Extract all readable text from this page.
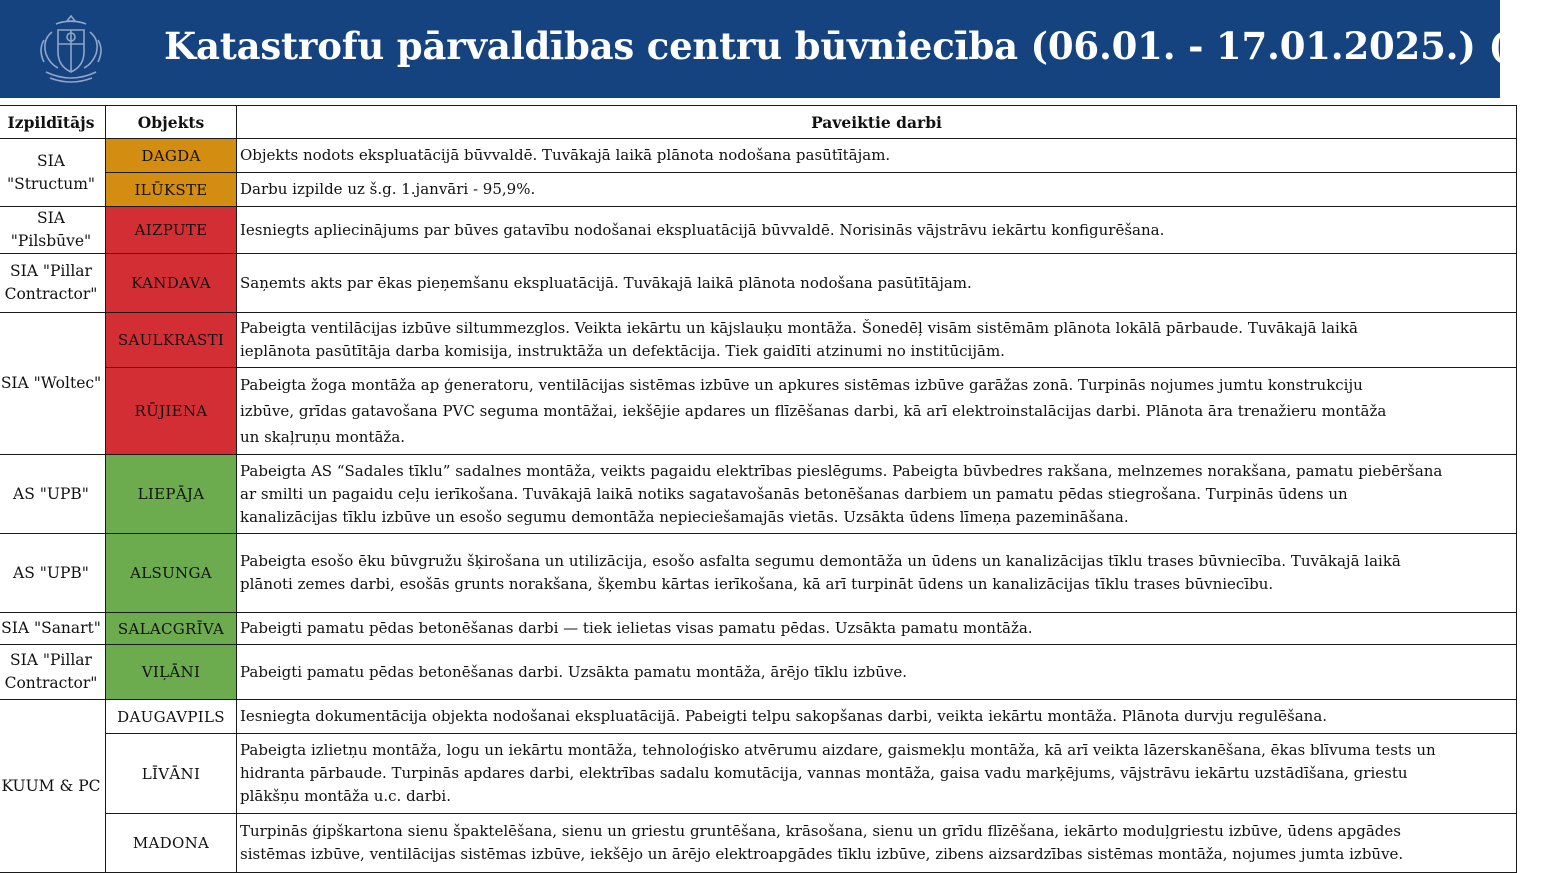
Katastrofu pārvaldības centru būvniecība (06.01. - 17.01.2025.) (1)
Izpildītājs	Objekts	Paveiktie darbi

SIA
"Structum"	DAGDA	Objekts nodots ekspluatācijā būvvaldē. Tuvākajā laikā plānota nodošana pasūtītājam.

	ILŪKSTE	Darbu izpilde uz š.g. 1.janvāri - 95,9%.

SIA "Pilsbūve"	AIZPUTE	Iesniegts apliecinājums par būves gatavību nodošanai ekspluatācijā būvvaldē. Norisinās vājstrāvu iekārtu konfigurēšana.

SIA "Pillar
Contractor"	KANDAVA	Saņemts akts par ēkas pieņemšanu ekspluatācijā. Tuvākajā laikā plānota nodošana pasūtītājam.

SIA "Woltec"	SAULKRASTI	Pabeigta ventilācijas izbūve siltummezglos. Veikta iekārtu un kājslauķu montāža. Šonedēļ visām sistēmām plānota lokālā pārbaude. Tuvākajā laikā
ieplānota pasūtītāja darba komisija, instruktāža un defektācija. Tiek gaidīti atzinumi no institūcijām.

	RŪJIENA	Pabeigta žoga montāža ap ģeneratoru, ventilācijas sistēmas izbūve un apkures sistēmas izbūve garāžas zonā. Turpinās nojumes jumtu konstrukciju
izbūve, grīdas gatavošana PVC seguma montāžai, iekšējie apdares un flīzēšanas darbi, kā arī elektroinstalācijas darbi. Plānota āra trenažieru montāža
un skaļruņu montāža.

AS "UPB"	LIEPĀJA	Pabeigta AS “Sadales tīklu” sadalnes montāža, veikts pagaidu elektrības pieslēgums. Pabeigta būvbedres rakšana, melnzemes norakšana, pamatu piebēršana
ar smilti un pagaidu ceļu ierīkošana. Tuvākajā laikā notiks sagatavošanās betonēšanas darbiem un pamatu pēdas stiegrošana. Turpinās ūdens un
kanalizācijas tīklu izbūve un esošo segumu demontāža nepieciešamajās vietās. Uzsākta ūdens līmeņa pazemināšana.

AS "UPB"	ALSUNGA	Pabeigta esošo ēku būvgružu šķirošana un utilizācija, esošo asfalta segumu demontāža un ūdens un kanalizācijas tīklu trases būvniecība. Tuvākajā laikā
plānoti zemes darbi, esošās grunts norakšana, šķembu kārtas ierīkošana, kā arī turpināt ūdens un kanalizācijas tīklu trases būvniecību.

SIA "Sanart"	SALACGRĪVA	Pabeigti pamatu pēdas betonēšanas darbi — tiek ielietas visas pamatu pēdas. Uzsākta pamatu montāža.

SIA "Pillar
Contractor"	VIĻĀNI	Pabeigti pamatu pēdas betonēšanas darbi. Uzsākta pamatu montāža, ārējo tīklu izbūve.

KUUM & PC	DAUGAVPILS	Iesniegta dokumentācija objekta nodošanai ekspluatācijā. Pabeigti telpu sakopšanas darbi, veikta iekārtu montāža. Plānota durvju regulēšana.

	LĪVĀNI	Pabeigta izlietņu montāža, logu un iekārtu montāža, tehnoloģisko atvērumu aizdare, gaismekļu montāža, kā arī veikta lāzerskanēšana, ēkas blīvuma tests un
hidranta pārbaude. Turpinās apdares darbi, elektrības sadalu komutācija, vannas montāža, gaisa vadu marķējums, vājstrāvu iekārtu uzstādīšana, griestu
plākšņu montāža u.c. darbi.

	MADONA	Turpinās ģipškartona sienu špaktelēšana, sienu un griestu gruntēšana, krāsošana, sienu un grīdu flīzēšana, iekārto moduļgriestu izbūve, ūdens apgādes
sistēmas izbūve, ventilācijas sistēmas izbūve, iekšējo un ārējo elektroapgādes tīklu izbūve, zibens aizsardzības sistēmas montāža, nojumes jumta izbūve.
